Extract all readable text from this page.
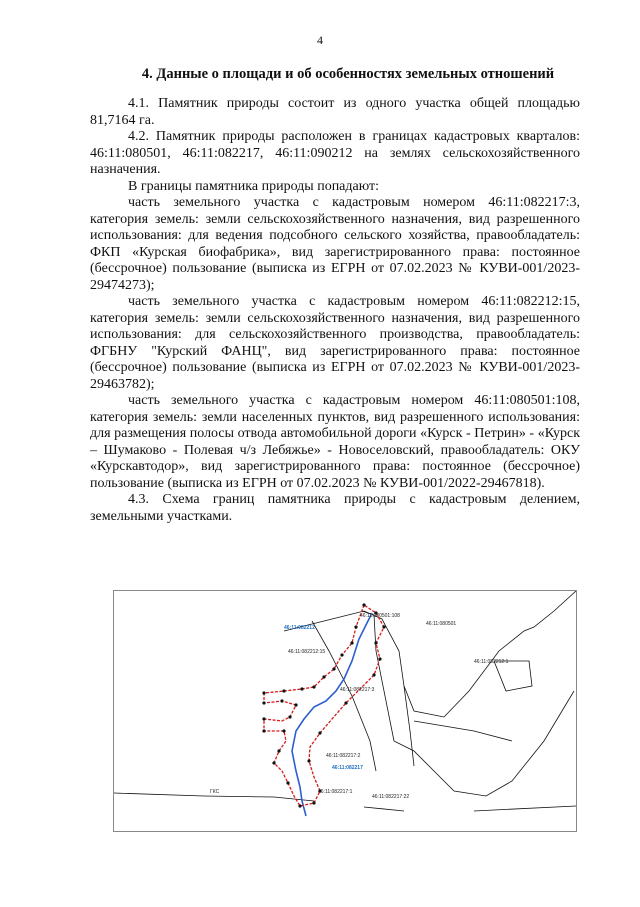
4
4. Данные о площади и об особенностях земельных отношений

4.1. Памятник природы состоит из одного участка общей площадью 81,7164 га.

4.2. Памятник природы расположен в границах кадастровых кварталов: 46:11:080501, 46:11:082217, 46:11:090212 на землях сельскохозяйственного назначения.

В границы памятника природы попадают:

часть земельного участка с кадастровым номером 46:11:082217:3, категория земель: земли сельскохозяйственного назначения, вид разрешенного использования: для ведения подсобного сельского хозяйства, правообладатель: ФКП «Курская биофабрика», вид зарегистрированного права: постоянное (бессрочное) пользование (выписка из ЕГРН от 07.02.2023 № КУВИ-001/2023-29474273);

часть земельного участка с кадастровым номером 46:11:082212:15, категория земель: земли сельскохозяйственного назначения, вид разрешенного использования: для сельскохозяйственного производства, правообладатель: ФГБНУ "Курский ФАНЦ", вид зарегистрированного права: постоянное (бессрочное) пользование (выписка из ЕГРН от 07.02.2023 № КУВИ-001/2023-29463782);

часть земельного участка с кадастровым номером 46:11:080501:108, категория земель: земли населенных пунктов, вид разрешенного использования: для размещения полосы отвода автомобильной дороги «Курск - Петрин» - «Курск – Шумаково - Полевая ч/з Лебяжье» - Новоселовский, правообладатель: ОКУ «Курскавтодор», вид зарегистрированного права: постоянное (бессрочное) пользование (выписка из ЕГРН от 07.02.2023 № КУВИ-001/2022-29467818).

4.3. Схема границ памятника природы с кадастровым делением, земельными участками.

46:11:082212
46:11:082217
46:11:082212:15
46:11:082217:3
46:11:082212:1
46:11:082217:2
46:11:082217:1
46:11:082217:22
46:11:080501:108
46:11:080501
ГКС
